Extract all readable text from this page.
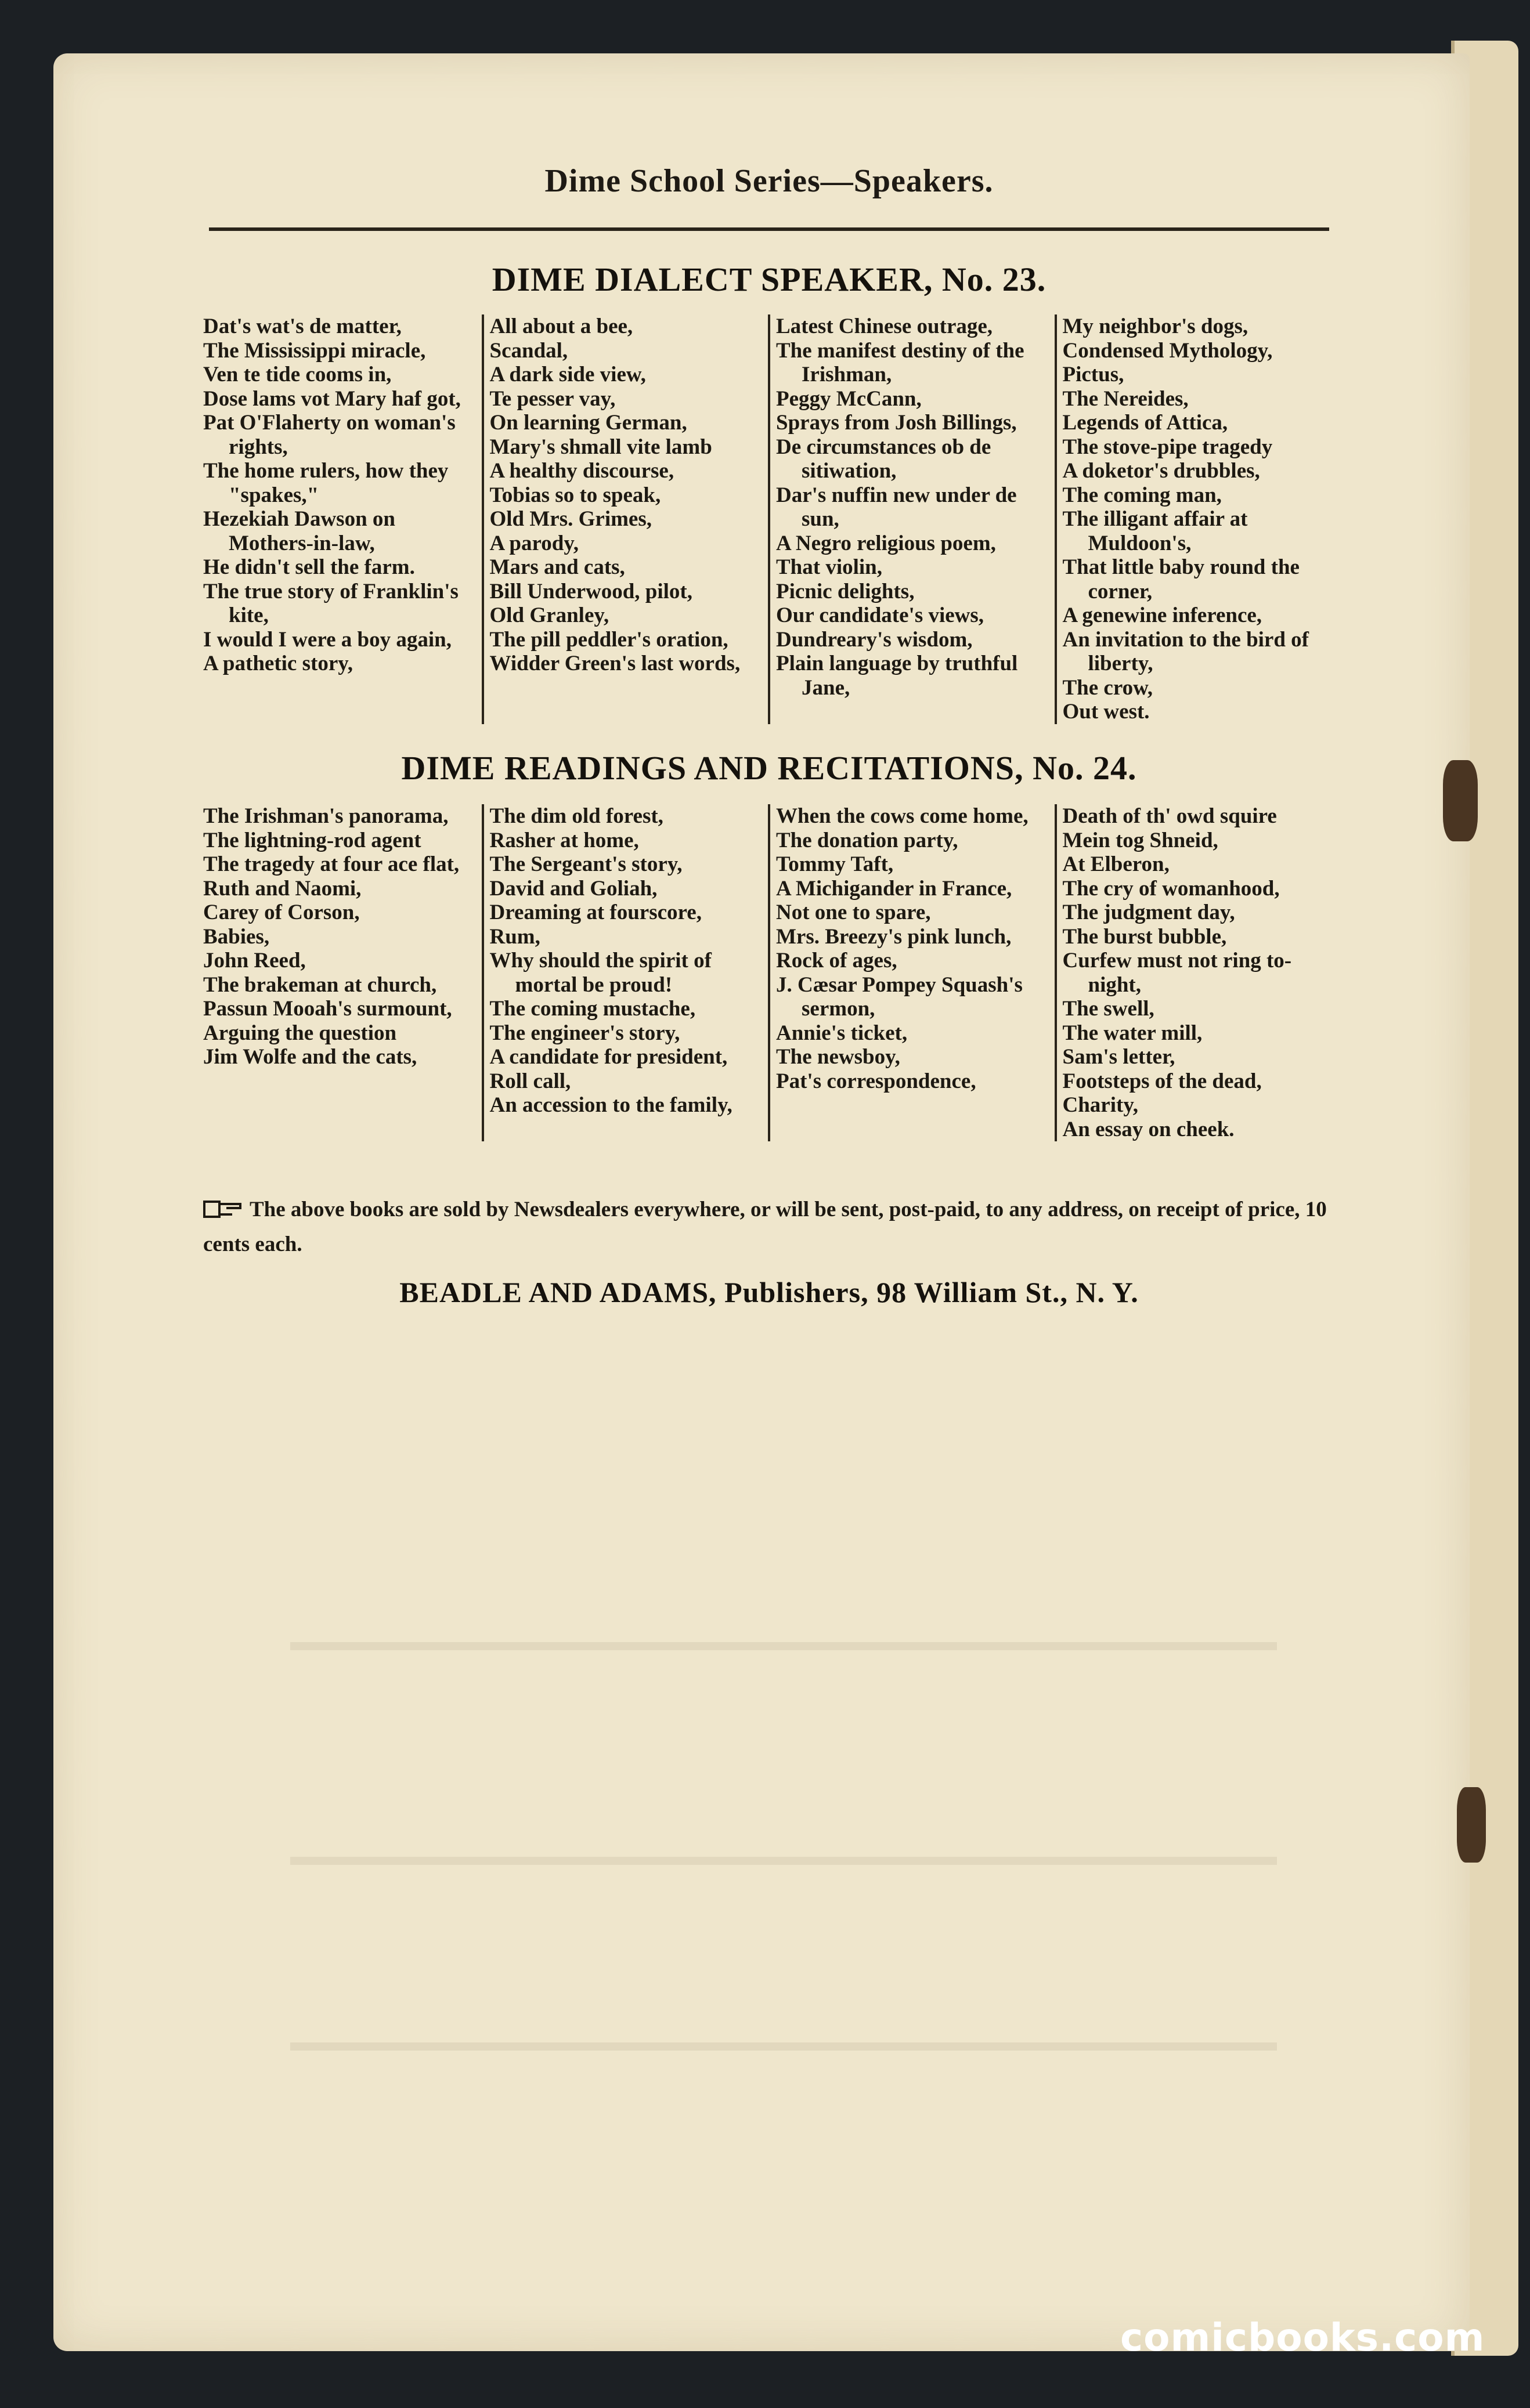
Dime School Series—Speakers.
DIME DIALECT SPEAKER, No. 23.
Dat's wat's de matter,
The Mississippi miracle,
Ven te tide cooms in,
Dose lams vot Mary haf got,
Pat O'Flaherty on woman's rights,
The home rulers, how they "spakes,"
Hezekiah Dawson on Mothers-in-law,
He didn't sell the farm.
The true story of Franklin's kite,
I would I were a boy again,
A pathetic story,
All about a bee,
Scandal,
A dark side view,
Te pesser vay,
On learning German,
Mary's shmall vite lamb
A healthy discourse,
Tobias so to speak,
Old Mrs. Grimes,
A parody,
Mars and cats,
Bill Underwood, pilot,
Old Granley,
The pill peddler's oration,
Widder Green's last words,
Latest Chinese outrage,
The manifest destiny of the Irishman,
Peggy McCann,
Sprays from Josh Billings,
De circumstances ob de sitiwation,
Dar's nuffin new under de sun,
A Negro religious poem,
That violin,
Picnic delights,
Our candidate's views,
Dundreary's wisdom,
Plain language by truthful Jane,
My neighbor's dogs,
Condensed Mythology,
Pictus,
The Nereides,
Legends of Attica,
The stove-pipe tragedy
A doketor's drubbles,
The coming man,
The illigant affair at Muldoon's,
That little baby round the corner,
A genewine inference,
An invitation to the bird of liberty,
The crow,
Out west.
DIME READINGS AND RECITATIONS, No. 24.
The Irishman's panorama,
The lightning-rod agent
The tragedy at four ace flat,
Ruth and Naomi,
Carey of Corson,
Babies,
John Reed,
The brakeman at church,
Passun Mooah's surmount,
Arguing the question
Jim Wolfe and the cats,
The dim old forest,
Rasher at home,
The Sergeant's story,
David and Goliah,
Dreaming at fourscore,
Rum,
Why should the spirit of mortal be proud!
The coming mustache,
The engineer's story,
A candidate for president,
Roll call,
An accession to the family,
When the cows come home,
The donation party,
Tommy Taft,
A Michigander in France,
Not one to spare,
Mrs. Breezy's pink lunch,
Rock of ages,
J. Cæsar Pompey Squash's sermon,
Annie's ticket,
The newsboy,
Pat's correspondence,
Death of th' owd squire
Mein tog Shneid,
At Elberon,
The cry of womanhood,
The judgment day,
The burst bubble,
Curfew must not ring to-night,
The swell,
The water mill,
Sam's letter,
Footsteps of the dead,
Charity,
An essay on cheek.
The above books are sold by Newsdealers everywhere, or will be sent, post-paid, to any address, on receipt of price, 10 cents each.
BEADLE AND ADAMS, Publishers, 98 William St., N. Y.
comicbooks.com
